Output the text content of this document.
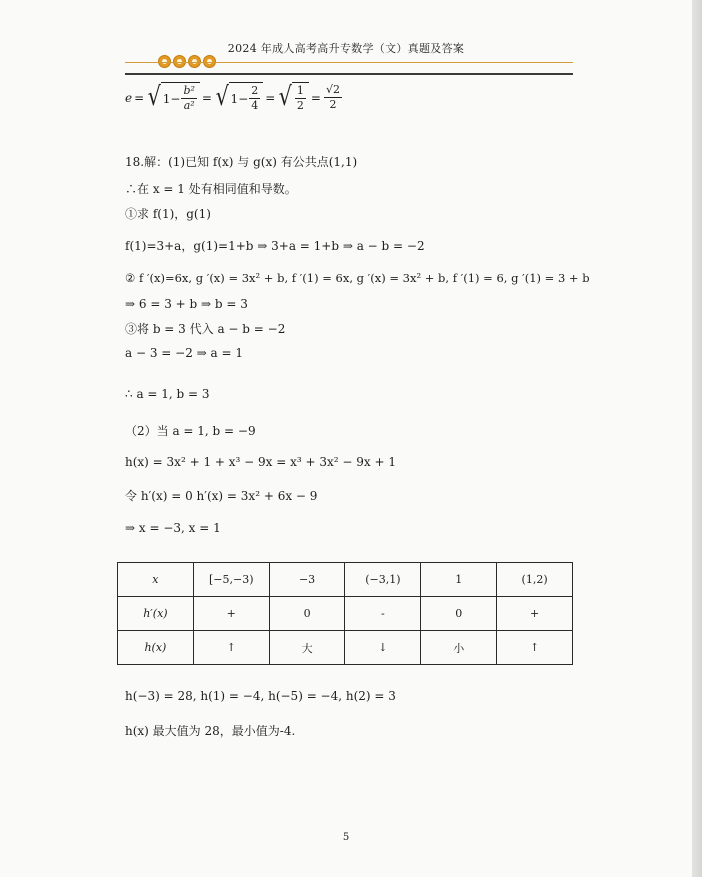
2024 年成人高考高升专数学（文）真题及答案
e = √ $1 - \frac{\text{b²}}{\text{a²}}$ = √ $1 - \frac{2}{4}$ = √ $\frac{1}{2} = \frac{√2}{2}$
18.解：(1)已知 f(x) 与 g(x) 有公共点(1,1)
∴在 x = 1 处有相同值和导数。
①求 f(1)，g(1)
f(1)=3+a，g(1)=1+b ⇒ 3+a = 1+b ⇒ a − b = −2
② f ′(x)=6x, g ′(x) = 3x² + b, f ′(1) = 6x, g ′(x) = 3x² + b, f ′(1) = 6, g ′(1) = 3 + b
⇒ 6 = 3 + b ⇒ b = 3
③将 b = 3 代入 a − b = −2
a − 3 = −2 ⇒ a = 1
∴ a = 1, b = 3
（2）当 a = 1, b = −9
h(x) = 3x² + 1 + x³ − 9x = x³ + 3x² − 9x + 1
令 h′(x) = 0 h′(x) = 3x² + 6x − 9
⇒ x = −3, x = 1
x	[−5,−3)	−3	(−3,1)	1	(1,2)
h′(x)	+	0	-	0	+
h(x)	↑	大	↓	小	↑
h(−3) = 28, h(1) = −4, h(−5) = −4, h(2) = 3
h(x) 最大值为 28，最小值为-4.
5
